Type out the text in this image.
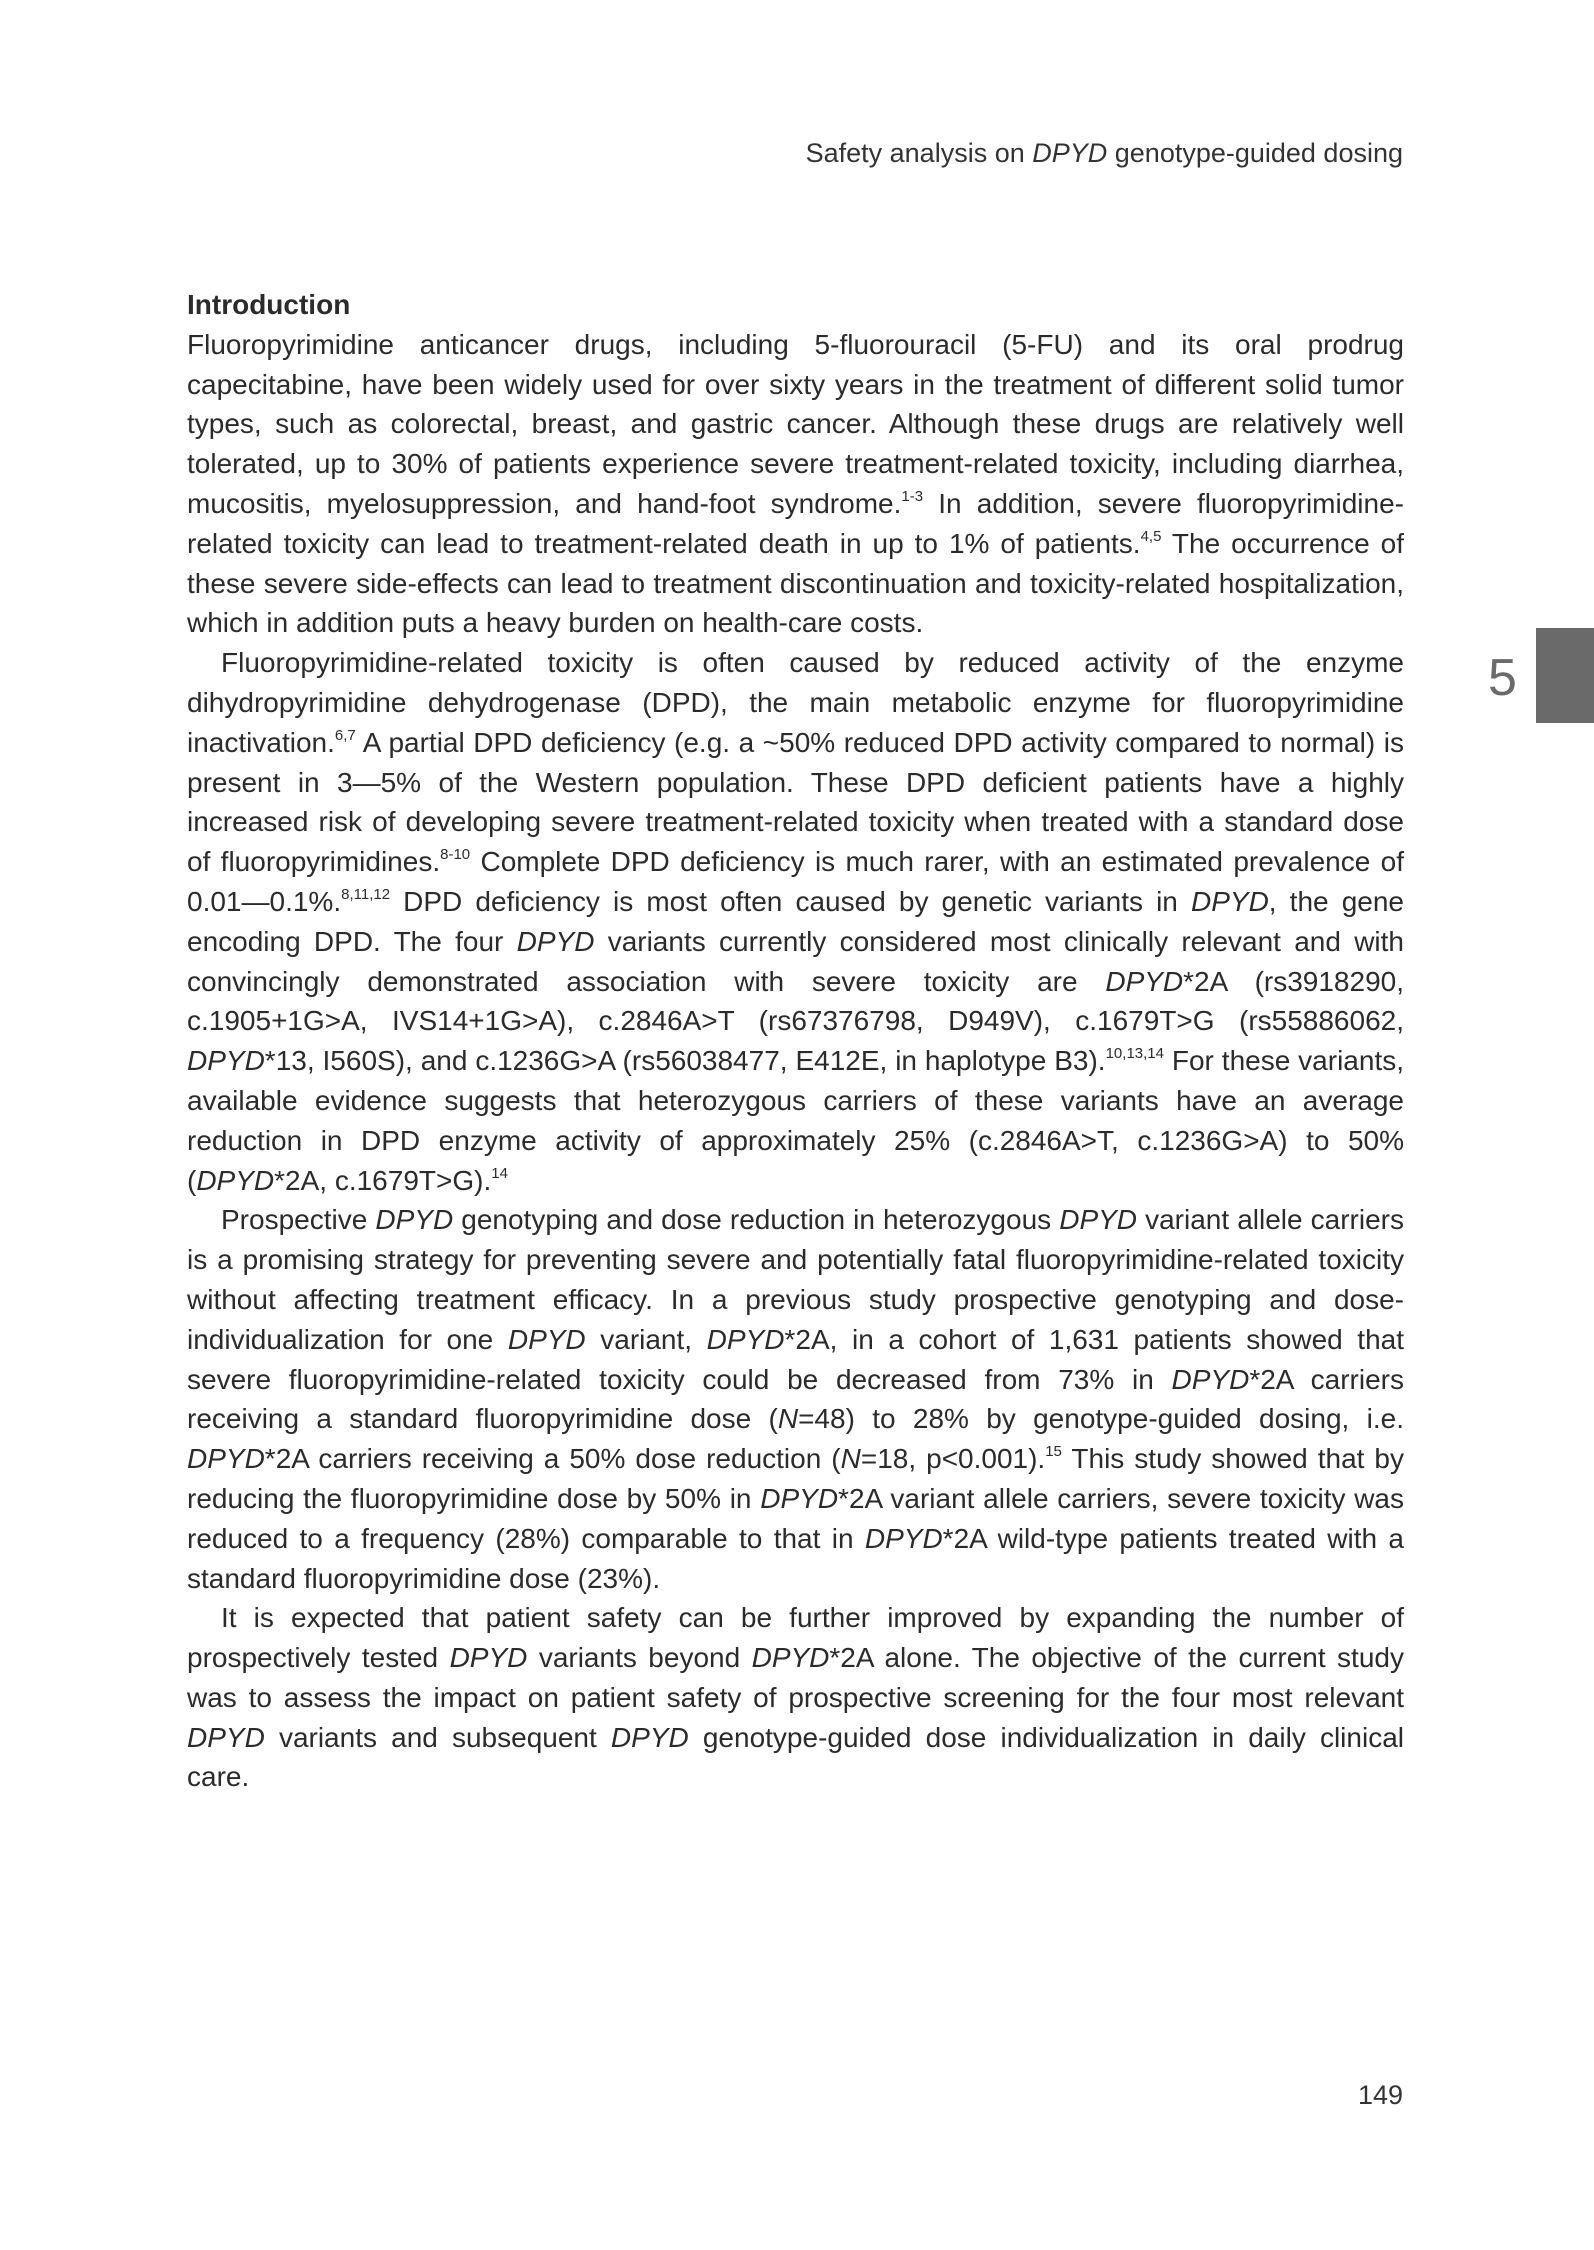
Safety analysis on DPYD genotype-guided dosing
5
Introduction

Fluoropyrimidine anticancer drugs, including 5-fluorouracil (5-FU) and its oral prodrug capecitabine, have been widely used for over sixty years in the treatment of different solid tumor types, such as colorectal, breast, and gastric cancer. Although these drugs are relatively well tolerated, up to 30% of patients experience severe treatment-related toxicity, including diarrhea, mucositis, myelosuppression, and hand-foot syndrome.$^{1-3}$ In addition, severe fluoropyrimidine-related toxicity can lead to treatment-related death in up to 1% of patients.$^{4,5}$ The occurrence of these severe side-effects can lead to treatment discontinuation and toxicity-related hospitalization, which in addition puts a heavy burden on health-care costs.

Fluoropyrimidine-related toxicity is often caused by reduced activity of the enzyme dihydropyrimidine dehydrogenase (DPD), the main metabolic enzyme for fluoropyrimidine inactivation.$^{6,7}$ A partial DPD deficiency (e.g. a ~50% reduced DPD activity compared to normal) is present in 3—5% of the Western population. These DPD deficient patients have a highly increased risk of developing severe treatment-related toxicity when treated with a standard dose of fluoropyrimidines.$^{8-10}$ Complete DPD deficiency is much rarer, with an estimated prevalence of 0.01—0.1%.$^{8,11,12}$ DPD deficiency is most often caused by genetic variants in DPYD, the gene encoding DPD. The four DPYD variants currently considered most clinically relevant and with convincingly demonstrated association with severe toxicity are DPYD*2A (rs3918290, c.1905+1G>A, IVS14+1G>A), c.2846A>T (rs67376798, D949V), c.1679T>G (rs55886062, DPYD*13, I560S), and c.1236G>A (rs56038477, E412E, in haplotype B3).$^{10,13,14}$ For these variants, available evidence suggests that heterozygous carriers of these variants have an average reduction in DPD enzyme activity of approximately 25% (c.2846A>T, c.1236G>A) to 50% (DPYD*2A, c.1679T>G).$^{14}$

Prospective DPYD genotyping and dose reduction in heterozygous DPYD variant allele carriers is a promising strategy for preventing severe and potentially fatal fluoropyrimidine-related toxicity without affecting treatment efficacy. In a previous study prospective genotyping and dose-individualization for one DPYD variant, DPYD*2A, in a cohort of 1,631 patients showed that severe fluoropyrimidine-related toxicity could be decreased from 73% in DPYD*2A carriers receiving a standard fluoropyrimidine dose (N=48) to 28% by genotype-guided dosing, i.e. DPYD*2A carriers receiving a 50% dose reduction (N=18, p<0.001).$^{15}$ This study showed that by reducing the fluoropyrimidine dose by 50% in DPYD*2A variant allele carriers, severe toxicity was reduced to a frequency (28%) comparable to that in DPYD*2A wild-type patients treated with a standard fluoropyrimidine dose (23%).

It is expected that patient safety can be further improved by expanding the number of prospectively tested DPYD variants beyond DPYD*2A alone. The objective of the current study was to assess the impact on patient safety of prospective screening for the four most relevant DPYD variants and subsequent DPYD genotype-guided dose individualization in daily clinical care.

149
